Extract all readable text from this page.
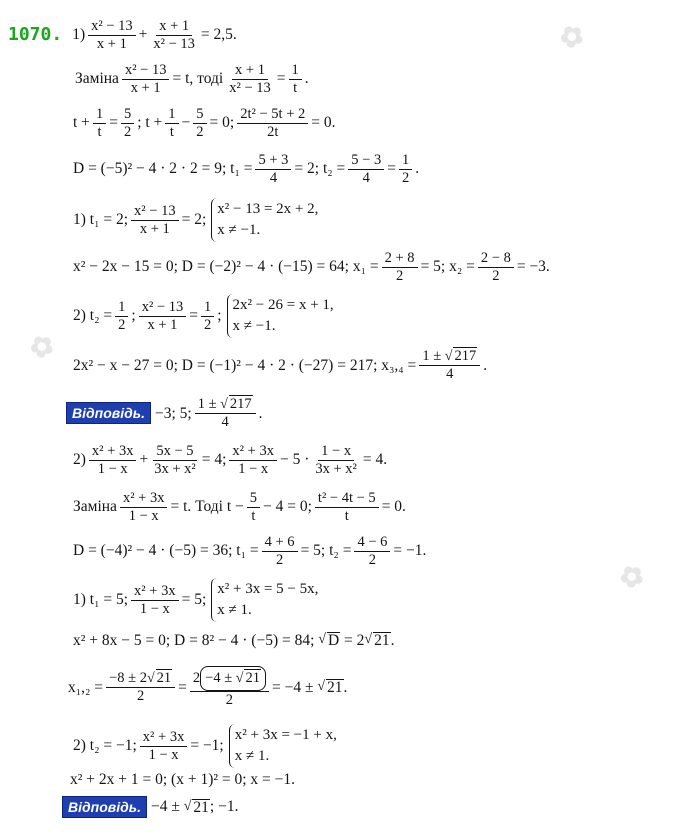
✿
✿
✿
1070. $1) \frac{\text{x² − 13}}{x + 1} + \frac{x + 1}{\text{x² − 13}} = 2,5$.
Заміна $\frac{\text{x² − 13}}{x + 1} = t$, тоді $\frac{x + 1}{\text{x² − 13}} = \frac{1}{t}$ .
$t + \frac{1}{t} = \frac{5}{2}$ ; $t + \frac{1}{t} - \frac{5}{2} = 0$; $\frac{\text{2t² − 5t + 2}}{2t} = 0$.
D = (−5)² − 4 · 2 · 2 = 9; $t_1 = \frac{5 + 3}{4} = 2$; $t_2 = \frac{5 - 3}{4} = \frac{1}{2}$ .
1) t₁ = 2; $\frac{\text{x² − 13}}{x + 1} = 2$;
x² − 13 = 2x + 2,
x ≠ −1.
x² − 2x − 15 = 0; D = (−2)² − 4 · (−15) = 64; $x_1 = \frac{2 + 8}{2} = 5$; $x_2 = \frac{2 - 8}{2} = -3$.
2) $t_2 = \frac{1}{2}$ ; $\frac{\text{x² − 13}}{x + 1} = \frac{1}{2}$ ;
2x² − 26 = x + 1,
x ≠ −1.
2x² − x − 27 = 0; D = (−1)² − 4 · 2 · (−27) = 217; $x_3,_4 = \frac{1 \pm √ 217}{4}$ .
Відповідь. −3; 5; $\frac{1 \pm √ 217}{4}$ .
$2) \frac{\text{x² + 3x}}{1 - x} + \frac{5x - 5}{\text{3x + x²}} = 4$; $\frac{\text{x² + 3x}}{1 - x} - 5 \cdot \frac{1 - x}{\text{3x + x²}} = 4$.
Заміна $\frac{\text{x² + 3x}}{1 - x} = t$. Тоді $t - \frac{5}{t} - 4 = 0$; $\frac{\text{t² − 4t − 5}}{t} = 0$.
D = (−4)² − 4 · (−5) = 36; $t_1 = \frac{4 + 6}{2} = 5$; $t_2 = \frac{4 - 6}{2} = -1$.
1) t₁ = 5; $\frac{\text{x² + 3x}}{1 - x} = 5$;
x² + 3x = 5 − 5x,
x ≠ 1.
x² + 8x − 5 = 0; D = 8² − 4 · (−5) = 84;
√ D
= 2 √ 21 .
$x_1,_2 = \frac{-8 \pm 2√ 21}{2} = \frac{2 -4 \pm √ 21}{2} = -4$ ±
√ 21 .
2) t₂ = −1; $\frac{\text{x² + 3x}}{1 - x} = -1$;
x² + 3x = −1 + x,
x ≠ 1.
x² + 2x + 1 = 0; (x + 1)² = 0; x = −1.
Відповідь. −4 ±
√ 21 ; −1.
